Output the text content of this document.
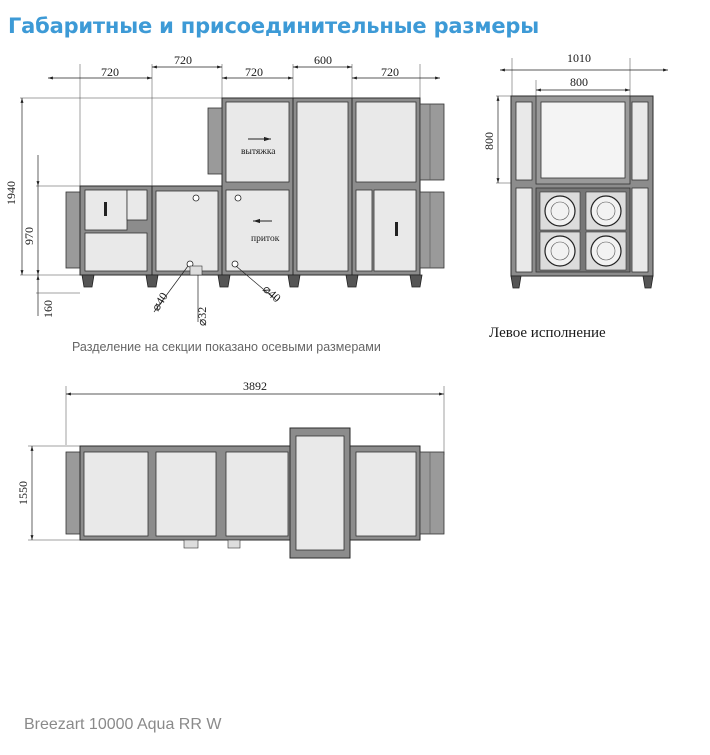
Габаритные и присоединительные размеры
720
720
720
600
720
1940
970
160
вытяжка
приток
⌀40
⌀32
⌀40
Разделение на секции показано осевыми размерами
1010
800
800
Левое исполнение
3892
1550
Breezart 10000 Aqua RR W
